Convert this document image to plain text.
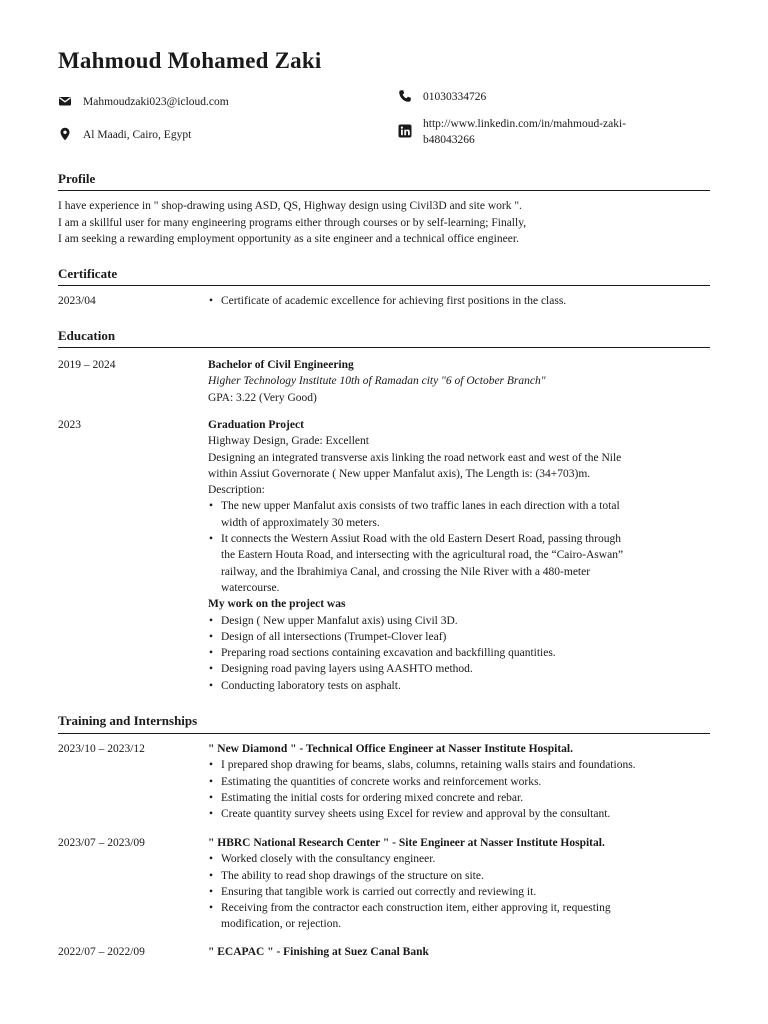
Mahmoud Mohamed Zaki
Mahmoudzaki023@icloud.com	01030334726
Al Maadi, Cairo, Egypt
http://www.linkedin.com/in/mahmoud-zaki-
b48043266
Profile
I have experience in " shop-drawing using ASD, QS, Highway design using Civil3D and site work ".
I am a skillful user for many engineering programs either through courses or by self-learning; Finally,
I am seeking a rewarding employment opportunity as a site engineer and a technical office engineer.
Certificate
2023/04
•	Certificate of academic excellence for achieving first positions in the class.
Education
2019 – 2024	Bachelor of Civil Engineering
Higher Technology Institute 10th of Ramadan city "6 of October Branch"
GPA: 3.22 (Very Good)
2023	Graduation Project
Highway Design, Grade: Excellent
Designing an integrated transverse axis linking the road network east and west of the Nile
within Assiut Governorate ( New upper Manfalut axis), The Length is: (34+703)m.
Description:
• The new upper Manfalut axis consists of two traffic lanes in each direction with a total
width of approximately 30 meters.
• It connects the Western Assiut Road with the old Eastern Desert Road, passing through
the Eastern Houta Road, and intersecting with the agricultural road, the “Cairo-Aswan”
railway, and the Ibrahimiya Canal, and crossing the Nile River with a 480-meter
watercourse.
My work on the project was
• Design ( New upper Manfalut axis) using Civil 3D.
• Design of all intersections (Trumpet-Clover leaf)
• Preparing road sections containing excavation and backfilling quantities.
• Designing road paving layers using AASHTO method.
• Conducting laboratory tests on asphalt.
Training and Internships
2023/10 – 2023/12	" New Diamond " - Technical Office Engineer at Nasser Institute Hospital.
• I prepared shop drawing for beams, slabs, columns, retaining walls stairs and foundations.
• Estimating the quantities of concrete works and reinforcement works.
• Estimating the initial costs for ordering mixed concrete and rebar.
• Create quantity survey sheets using Excel for review and approval by the consultant.
2023/07 – 2023/09	" HBRC National Research Center " - Site Engineer at Nasser Institute Hospital.
• Worked closely with the consultancy engineer.
• The ability to read shop drawings of the structure on site.
• Ensuring that tangible work is carried out correctly and reviewing it.
• Receiving from the contractor each construction item, either approving it, requesting
modification, or rejection.
2022/07 – 2022/09	" ECAPAC " - Finishing at Suez Canal Bank
